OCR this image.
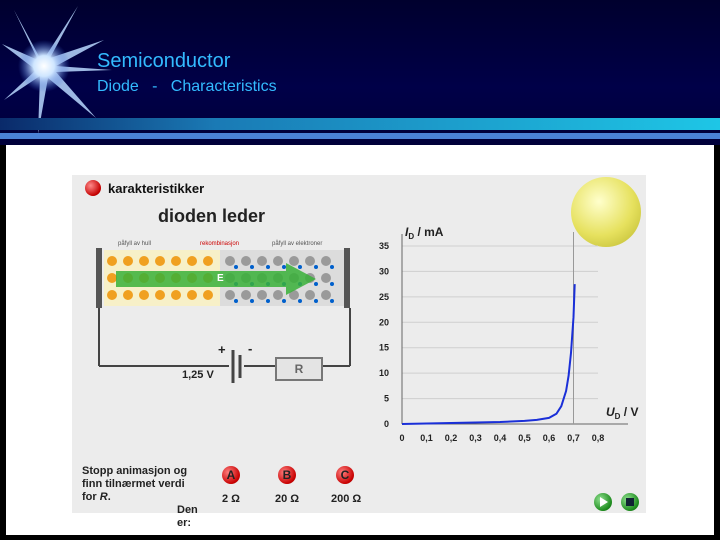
Semiconductor
Diode   -   Characteristics
karakteristikker
dioden leder
påfyll av hull	rekombinasjon	påfyll av elektroner
E
+ -
1,25 V	R
0
5
10
15
20
25
30
35
0 0,1 0,2 0,3 0,4 0,5 0,6 0,7 0,8
$I_D$ / mA
$U_D$ / V
Stopp animasjon og
finn tilnærmet verdi
for R.
Den er:
A	B	C
2 Ω	20 Ω	200 Ω
